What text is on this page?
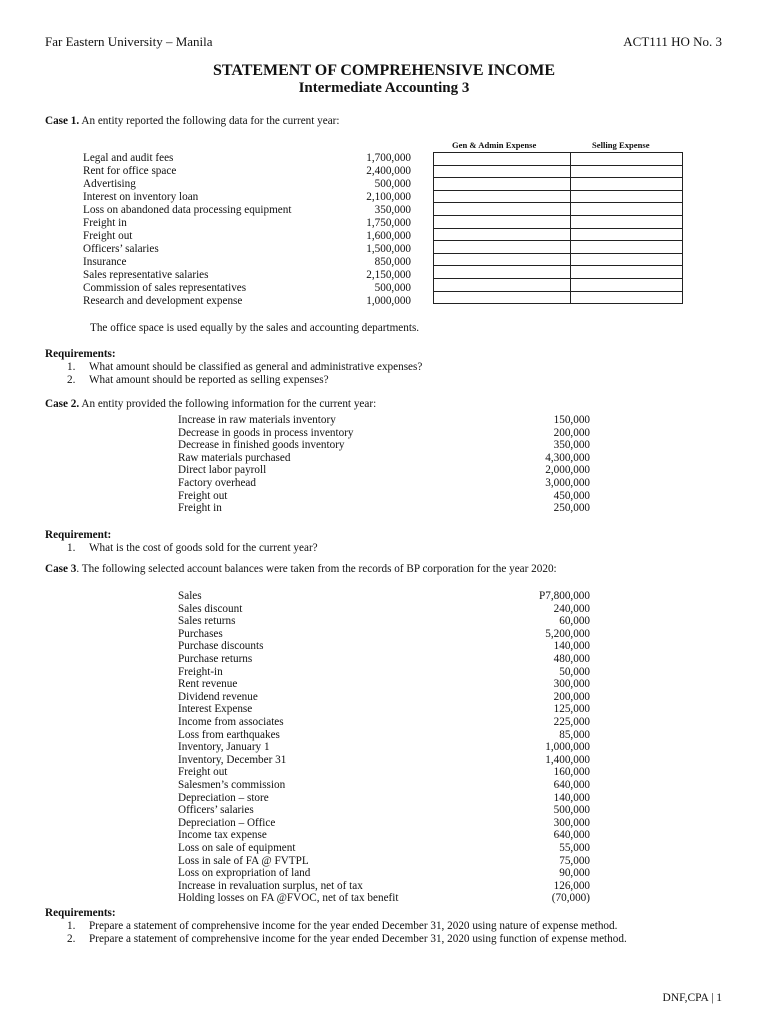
Far Eastern University – Manila	ACT111 HO No. 3
STATEMENT OF COMPREHENSIVE INCOME
Intermediate Accounting 3
Case 1. An entity reported the following data for the current year:
Gen & Admin Expense	Selling Expense
Legal and audit fees	1,700,000
Rent for office space	2,400,000
Advertising	500,000
Interest on inventory loan	2,100,000
Loss on abandoned data processing equipment	350,000
Freight in	1,750,000
Freight out	1,600,000
Officers’ salaries	1,500,000
Insurance	850,000
Sales representative salaries	2,150,000
Commission of sales representatives	500,000
Research and development expense	1,000,000

The office space is used equally by the sales and accounting departments.
Requirements:
1. What amount should be classified as general and administrative expenses?
2. What amount should be reported as selling expenses?
Case 2. An entity provided the following information for the current year:
Increase in raw materials inventory	150,000
Decrease in goods in process inventory	200,000
Decrease in finished goods inventory	350,000
Raw materials purchased	4,300,000
Direct labor payroll	2,000,000
Factory overhead	3,000,000
Freight out	450,000
Freight in	250,000
Requirement:
1. What is the cost of goods sold for the current year?
Case 3. The following selected account balances were taken from the records of BP corporation for the year 2020:
Sales	P7,800,000
Sales discount	240,000
Sales returns	60,000
Purchases	5,200,000
Purchase discounts	140,000
Purchase returns	480,000
Freight-in	50,000
Rent revenue	300,000
Dividend revenue	200,000
Interest Expense	125,000
Income from associates	225,000
Loss from earthquakes	85,000
Inventory, January 1	1,000,000
Inventory, December 31	1,400,000
Freight out	160,000
Salesmen’s commission	640,000
Depreciation – store	140,000
Officers’ salaries	500,000
Depreciation – Office	300,000
Income tax expense	640,000
Loss on sale of equipment	55,000
Loss in sale of FA @ FVTPL	75,000
Loss on expropriation of land	90,000
Increase in revaluation surplus, net of tax	126,000
Holding losses on FA @FVOC, net of tax benefit	(70,000)
Requirements:
1. Prepare a statement of comprehensive income for the year ended December 31, 2020 using nature of expense method.
2. Prepare a statement of comprehensive income for the year ended December 31, 2020 using function of expense method.
DNF,CPA | 1
